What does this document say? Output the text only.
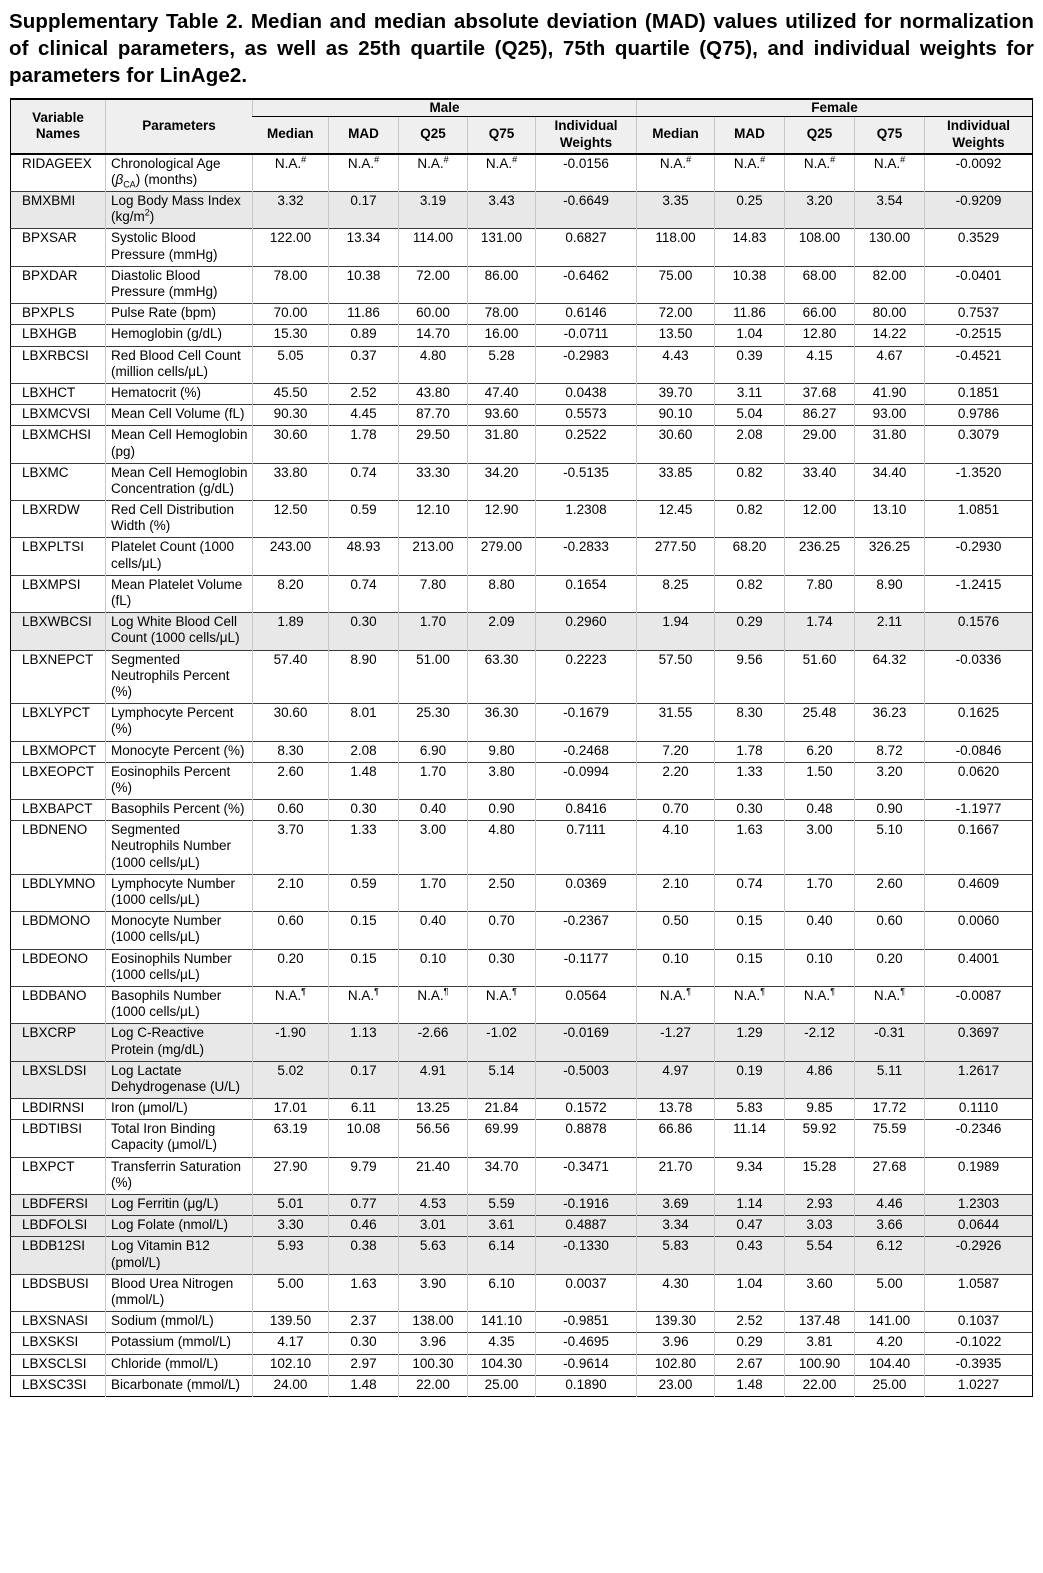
Supplementary Table 2. Median and median absolute deviation (MAD) values utilized for normalization of clinical parameters, as well as 25th quartile (Q25), 75th quartile (Q75), and individual weights for parameters for LinAge2.

Variable Names	Parameters	Male					Female				
		Median	MAD	Q25	Q75	Individual Weights	Median	MAD	Q25	Q75	Individual Weights
RIDAGEEX	Chronological Age $(\beta_{CA})$ (months)	N.A.#	N.A.#	N.A.#	N.A.#	-0.0156	N.A.#	N.A.#	N.A.#	N.A.#	-0.0092
BMXBMI	Log Body Mass Index $(kg/m^2)$	3.32	0.17	3.19	3.43	-0.6649	3.35	0.25	3.20	3.54	-0.9209
BPXSAR	Systolic Blood Pressure (mmHg)	122.00	13.34	114.00	131.00	0.6827	118.00	14.83	108.00	130.00	0.3529
BPXDAR	Diastolic Blood Pressure (mmHg)	78.00	10.38	72.00	86.00	-0.6462	75.00	10.38	68.00	82.00	-0.0401
BPXPLS	Pulse Rate (bpm)	70.00	11.86	60.00	78.00	0.6146	72.00	11.86	66.00	80.00	0.7537
LBXHGB	Hemoglobin (g/dL)	15.30	0.89	14.70	16.00	-0.0711	13.50	1.04	12.80	14.22	-0.2515
LBXRBCSI	Red Blood Cell Count (million cells/μL)	5.05	0.37	4.80	5.28	-0.2983	4.43	0.39	4.15	4.67	-0.4521
LBXHCT	Hematocrit (%)	45.50	2.52	43.80	47.40	0.0438	39.70	3.11	37.68	41.90	0.1851
LBXMCVSI	Mean Cell Volume (fL)	90.30	4.45	87.70	93.60	0.5573	90.10	5.04	86.27	93.00	0.9786
LBXMCHSI	Mean Cell Hemoglobin (pg)	30.60	1.78	29.50	31.80	0.2522	30.60	2.08	29.00	31.80	0.3079
LBXMC	Mean Cell Hemoglobin Concentration (g/dL)	33.80	0.74	33.30	34.20	-0.5135	33.85	0.82	33.40	34.40	-1.3520
LBXRDW	Red Cell Distribution Width (%)	12.50	0.59	12.10	12.90	1.2308	12.45	0.82	12.00	13.10	1.0851
LBXPLTSI	Platelet Count (1000 cells/μL)	243.00	48.93	213.00	279.00	-0.2833	277.50	68.20	236.25	326.25	-0.2930
LBXMPSI	Mean Platelet Volume (fL)	8.20	0.74	7.80	8.80	0.1654	8.25	0.82	7.80	8.90	-1.2415
LBXWBCSI	Log White Blood Cell Count (1000 cells/μL)	1.89	0.30	1.70	2.09	0.2960	1.94	0.29	1.74	2.11	0.1576
LBXNEPCT	Segmented Neutrophils Percent (%)	57.40	8.90	51.00	63.30	0.2223	57.50	9.56	51.60	64.32	-0.0336
LBXLYPCT	Lymphocyte Percent (%)	30.60	8.01	25.30	36.30	-0.1679	31.55	8.30	25.48	36.23	0.1625
LBXMOPCT	Monocyte Percent (%)	8.30	2.08	6.90	9.80	-0.2468	7.20	1.78	6.20	8.72	-0.0846
LBXEOPCT	Eosinophils Percent (%)	2.60	1.48	1.70	3.80	-0.0994	2.20	1.33	1.50	3.20	0.0620
LBXBAPCT	Basophils Percent (%)	0.60	0.30	0.40	0.90	0.8416	0.70	0.30	0.48	0.90	-1.1977
LBDNENO	Segmented Neutrophils Number (1000 cells/μL)	3.70	1.33	3.00	4.80	0.7111	4.10	1.63	3.00	5.10	0.1667
LBDLYMNO	Lymphocyte Number (1000 cells/μL)	2.10	0.59	1.70	2.50	0.0369	2.10	0.74	1.70	2.60	0.4609
LBDMONO	Monocyte Number (1000 cells/μL)	0.60	0.15	0.40	0.70	-0.2367	0.50	0.15	0.40	0.60	0.0060
LBDEONO	Eosinophils Number (1000 cells/μL)	0.20	0.15	0.10	0.30	-0.1177	0.10	0.15	0.10	0.20	0.4001
LBDBANO	Basophils Number (1000 cells/μL)	N.A.¶	N.A.¶	N.A.¶	N.A.¶	0.0564	N.A.¶	N.A.¶	N.A.¶	N.A.¶	-0.0087
LBXCRP	Log C-Reactive Protein (mg/dL)	-1.90	1.13	-2.66	-1.02	-0.0169	-1.27	1.29	-2.12	-0.31	0.3697
LBXSLDSI	Log Lactate Dehydrogenase (U/L)	5.02	0.17	4.91	5.14	-0.5003	4.97	0.19	4.86	5.11	1.2617
LBDIRNSI	Iron (μmol/L)	17.01	6.11	13.25	21.84	0.1572	13.78	5.83	9.85	17.72	0.1110
LBDTIBSI	Total Iron Binding Capacity (μmol/L)	63.19	10.08	56.56	69.99	0.8878	66.86	11.14	59.92	75.59	-0.2346
LBXPCT	Transferrin Saturation (%)	27.90	9.79	21.40	34.70	-0.3471	21.70	9.34	15.28	27.68	0.1989
LBDFERSI	Log Ferritin (μg/L)	5.01	0.77	4.53	5.59	-0.1916	3.69	1.14	2.93	4.46	1.2303
LBDFOLSI	Log Folate (nmol/L)	3.30	0.46	3.01	3.61	0.4887	3.34	0.47	3.03	3.66	0.0644
LBDB12SI	Log Vitamin B12 (pmol/L)	5.93	0.38	5.63	6.14	-0.1330	5.83	0.43	5.54	6.12	-0.2926
LBDSBUSI	Blood Urea Nitrogen (mmol/L)	5.00	1.63	3.90	6.10	0.0037	4.30	1.04	3.60	5.00	1.0587
LBXSNASI	Sodium (mmol/L)	139.50	2.37	138.00	141.10	-0.9851	139.30	2.52	137.48	141.00	0.1037
LBXSKSI	Potassium (mmol/L)	4.17	0.30	3.96	4.35	-0.4695	3.96	0.29	3.81	4.20	-0.1022
LBXSCLSI	Chloride (mmol/L)	102.10	2.97	100.30	104.30	-0.9614	102.80	2.67	100.90	104.40	-0.3935
LBXSC3SI	Bicarbonate (mmol/L)	24.00	1.48	22.00	25.00	0.1890	23.00	1.48	22.00	25.00	1.0227
